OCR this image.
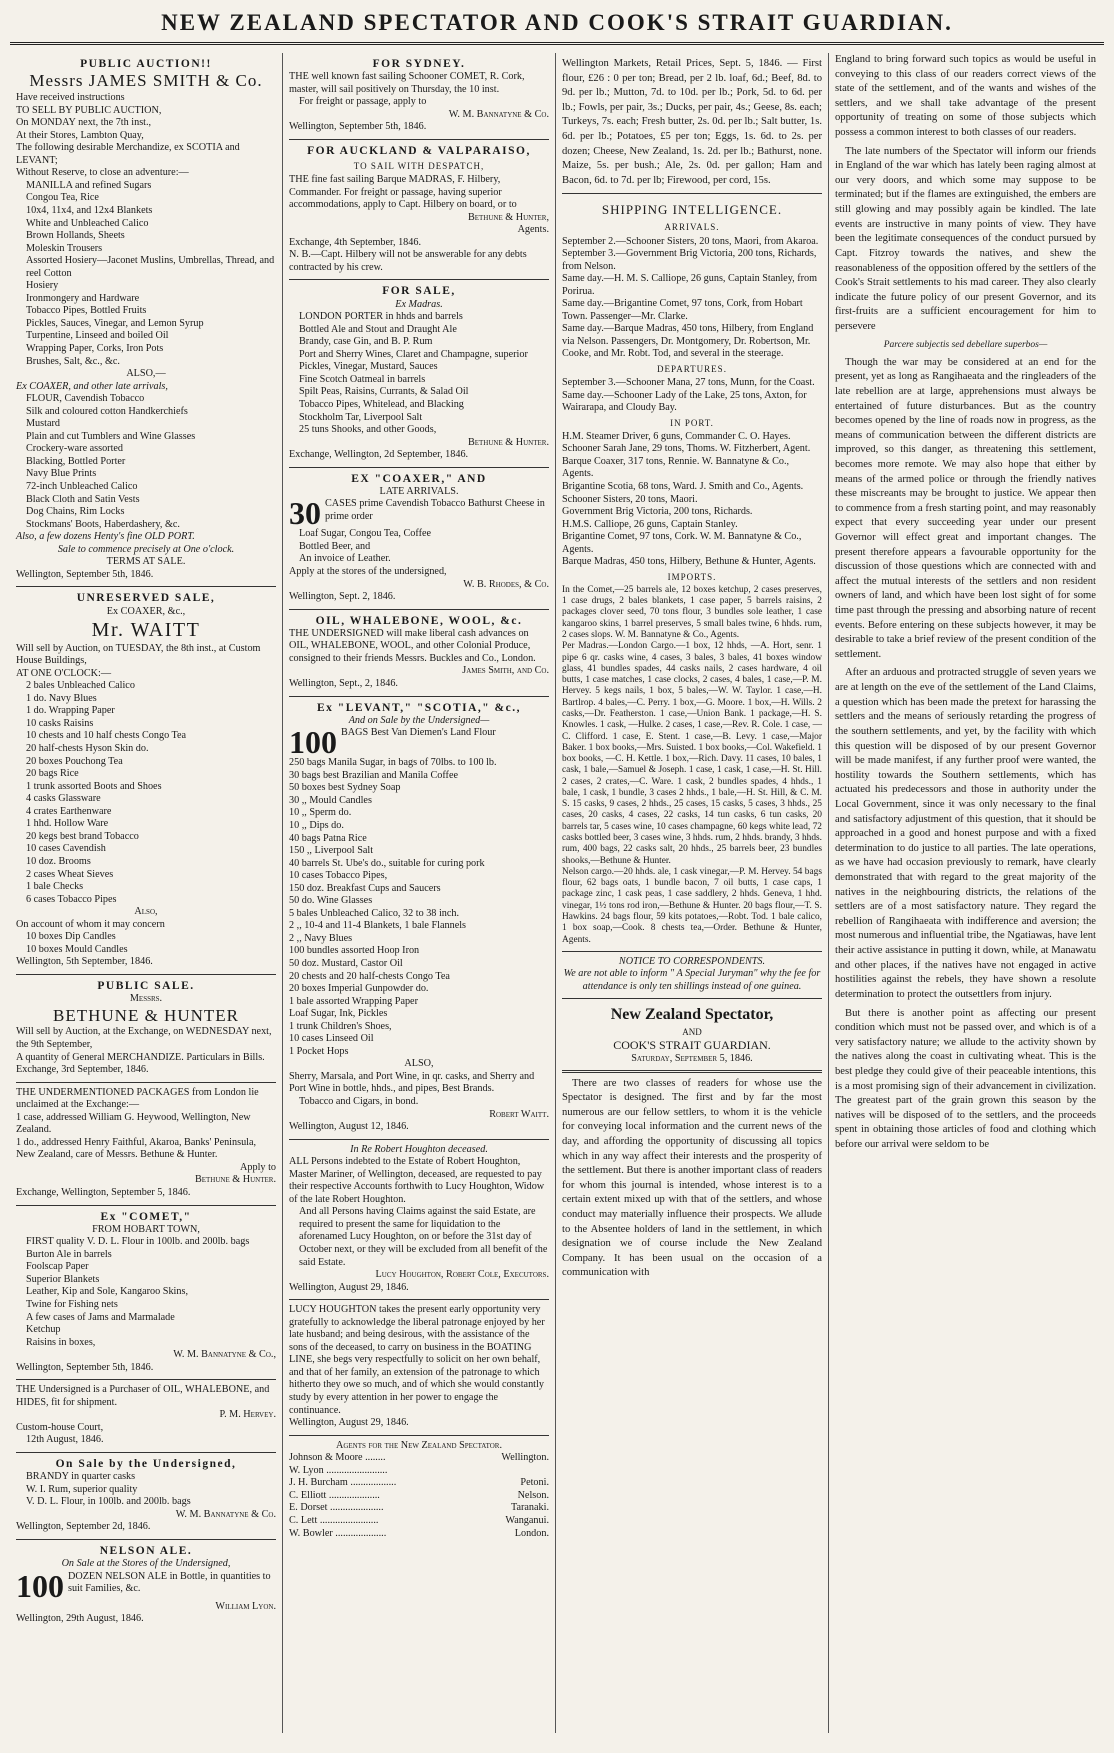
NEW ZEALAND SPECTATOR AND COOK'S STRAIT GUARDIAN.
PUBLIC AUCTION!!
Messrs JAMES SMITH & Co.
Have received instructions
TO SELL BY PUBLIC AUCTION,
On MONDAY next, the 7th inst.,
At their Stores, Lambton Quay,
The following desirable Merchandize, ex SCOTIA and LEVANT;
Without Reserve, to close an adventure:—
MANILLA and refined Sugars
Congou Tea, Rice
10x4, 11x4, and 12x4 Blankets
White and Unbleached Calico
Brown Hollands, Sheets
Moleskin Trousers
Assorted Hosiery—Jaconet Muslins, Umbrellas, Thread, and reel Cotton
Hosiery
Ironmongery and Hardware
Tobacco Pipes, Bottled Fruits
Pickles, Sauces, Vinegar, and Lemon Syrup
Turpentine, Linseed and boiled Oil
Wrapping Paper, Corks, Iron Pots
Brushes, Salt, &c., &c.
ALSO,—
Ex COAXER, and other late arrivals,
FLOUR, Cavendish Tobacco
Silk and coloured cotton Handkerchiefs
Mustard
Plain and cut Tumblers and Wine Glasses
Crockery-ware assorted
Blacking, Bottled Porter
Navy Blue Prints
72-inch Unbleached Calico
Black Cloth and Satin Vests
Dog Chains, Rim Locks
Stockmans' Boots, Haberdashery, &c.
Also, a few dozens Henty's fine OLD PORT.
Sale to commence precisely at One o'clock.
TERMS AT SALE.
Wellington, September 5th, 1846.
UNRESERVED SALE,
Ex COAXER, &c.,
Mr. WAITT
Will sell by Auction, on TUESDAY, the 8th inst., at Custom House Buildings,
AT ONE O'CLOCK:—
2 bales Unbleached Calico
1 do. Navy Blues
1 do. Wrapping Paper
10 casks Raisins
10 chests and 10 half chests Congo Tea
20 half-chests Hyson Skin do.
20 boxes Pouchong Tea
20 bags Rice
1 trunk assorted Boots and Shoes
4 casks Glassware
4 crates Earthenware
1 hhd. Hollow Ware
20 kegs best brand Tobacco
10 cases Cavendish
10 doz. Brooms
2 cases Wheat Sieves
1 bale Checks
6 cases Tobacco Pipes
Also,
On account of whom it may concern
10 boxes Dip Candles
10 boxes Mould Candles
Wellington, 5th September, 1846.
PUBLIC SALE.
Messrs.
BETHUNE & HUNTER
Will sell by Auction, at the Exchange, on WEDNESDAY next, the 9th September,
A quantity of General MERCHANDIZE. Particulars in Bills.
Exchange, 3rd September, 1846.
THE UNDERMENTIONED PACKAGES from London lie unclaimed at the Exchange:—
1 case, addressed William G. Heywood, Wellington, New Zealand.
1 do., addressed Henry Faithful, Akaroa, Banks' Peninsula, New Zealand, care of Messrs. Bethune & Hunter.
Apply to
Bethune & Hunter.
Exchange, Wellington, September 5, 1846.
Ex "COMET,"
FROM HOBART TOWN,
FIRST quality V. D. L. Flour in 100lb. and 200lb. bags
Burton Ale in barrels
Foolscap Paper
Superior Blankets
Leather, Kip and Sole, Kangaroo Skins,
Twine for Fishing nets
A few cases of Jams and Marmalade
Ketchup
Raisins in boxes,
W. M. Bannatyne & Co.,
Wellington, September 5th, 1846.
THE Undersigned is a Purchaser of OIL, WHALEBONE, and HIDES, fit for shipment.
P. M. Hervey.
Custom-house Court,
12th August, 1846.
On Sale by the Undersigned,
BRANDY in quarter casks
W. I. Rum, superior quality
V. D. L. Flour, in 100lb. and 200lb. bags
W. M. Bannatyne & Co.
Wellington, September 2d, 1846.
NELSON ALE.
On Sale at the Stores of the Undersigned,
100 DOZEN NELSON ALE in Bottle, in quantities to suit Families, &c.
William Lyon.
Wellington, 29th August, 1846.
FOR SYDNEY.
THE well known fast sailing Schooner COMET, R. Cork, master, will sail positively on Thursday, the 10 inst.
For freight or passage, apply to
W. M. Bannatyne & Co.
Wellington, September 5th, 1846.
FOR AUCKLAND & VALPARAISO,
TO SAIL WITH DESPATCH,
THE fine fast sailing Barque MADRAS, F. Hilbery, Commander. For freight or passage, having superior accommodations, apply to Capt. Hilbery on board, or to
Bethune & Hunter,
Agents.
Exchange, 4th September, 1846.
N. B.—Capt. Hilbery will not be answerable for any debts contracted by his crew.
FOR SALE,
Ex Madras.
LONDON PORTER in hhds and barrels
Bottled Ale and Stout and Draught Ale
Brandy, case Gin, and B. P. Rum
Port and Sherry Wines, Claret and Champagne, superior
Pickles, Vinegar, Mustard, Sauces
Fine Scotch Oatmeal in barrels
Spilt Peas, Raisins, Currants, & Salad Oil
Tobacco Pipes, Whitelead, and Blacking
Stockholm Tar, Liverpool Salt
25 tuns Shooks, and other Goods,
Bethune & Hunter.
Exchange, Wellington, 2d September, 1846.
EX "COAXER," AND
LATE ARRIVALS.
30 CASES prime Cavendish Tobacco Bathurst Cheese in prime order
Loaf Sugar, Congou Tea, Coffee
Bottled Beer, and
An invoice of Leather.
Apply at the stores of the undersigned,
W. B. Rhodes, & Co.
Wellington, Sept. 2, 1846.
OIL, WHALEBONE, WOOL, &c.
THE UNDERSIGNED will make liberal cash advances on OIL, WHALEBONE, WOOL, and other Colonial Produce, consigned to their friends Messrs. Buckles and Co., London.
James Smith, and Co.
Wellington, Sept., 2, 1846.
Ex "LEVANT," "SCOTIA," &c.,
And on Sale by the Undersigned—
100 BAGS Best Van Diemen's Land Flour
250 bags Manila Sugar, in bags of 70lbs. to 100 lb.
30 bags best Brazilian and Manila Coffee
50 boxes best Sydney Soap
30 ,, Mould Candles
10 ,, Sperm do.
10 ,, Dips do.
40 bags Patna Rice
150 ,, Liverpool Salt
40 barrels St. Ube's do., suitable for curing pork
10 cases Tobacco Pipes,
150 doz. Breakfast Cups and Saucers
50 do. Wine Glasses
5 bales Unbleached Calico, 32 to 38 inch.
2 ,, 10-4 and 11-4 Blankets, 1 bale Flannels
2 ,, Navy Blues
100 bundles assorted Hoop Iron
50 doz. Mustard, Castor Oil
20 chests and 20 half-chests Congo Tea
20 boxes Imperial Gunpowder do.
1 bale assorted Wrapping Paper
Loaf Sugar, Ink, Pickles
1 trunk Children's Shoes,
10 cases Linseed Oil
1 Pocket Hops
ALSO,
Sherry, Marsala, and Port Wine, in qr. casks, and Sherry and Port Wine in bottle, hhds., and pipes, Best Brands.
Tobacco and Cigars, in bond.
Robert Waitt.
Wellington, August 12, 1846.
In Re Robert Houghton deceased.
ALL Persons indebted to the Estate of Robert Houghton, Master Mariner, of Wellington, deceased, are requested to pay their respective Accounts forthwith to Lucy Houghton, Widow of the late Robert Houghton.
And all Persons having Claims against the said Estate, are required to present the same for liquidation to the aforenamed Lucy Houghton, on or before the 31st day of October next, or they will be excluded from all benefit of the said Estate.
Lucy Houghton, Robert Cole, Executors.
Wellington, August 29, 1846.
LUCY HOUGHTON takes the present early opportunity very gratefully to acknowledge the liberal patronage enjoyed by her late husband; and being desirous, with the assistance of the sons of the deceased, to carry on business in the BOATING LINE, she begs very respectfully to solicit on her own behalf, and that of her family, an extension of the patronage to which hitherto they owe so much, and of which she would constantly study by every attention in her power to engage the continuance.
Wellington, August 29, 1846.
Agents for the New Zealand Spectator.
Johnson & Moore ........	Wellington.
W. Lyon ........................
J. H. Burcham ..................	Petoni.
C. Elliott ....................	Nelson.
E. Dorset .....................	Taranaki.
C. Lett .......................	Wanganui.
W. Bowler ....................	London.
Wellington Markets, Retail Prices, Sept. 5, 1846. — First flour, £26 : 0 per ton; Bread, per 2 lb. loaf, 6d.; Beef, 8d. to 9d. per lb.; Mutton, 7d. to 10d. per lb.; Pork, 5d. to 6d. per lb.; Fowls, per pair, 3s.; Ducks, per pair, 4s.; Geese, 8s. each; Turkeys, 7s. each; Fresh butter, 2s. 0d. per lb.; Salt butter, 1s. 6d. per lb.; Potatoes, £5 per ton; Eggs, 1s. 6d. to 2s. per dozen; Cheese, New Zealand, 1s. 2d. per lb.; Bathurst, none. Maize, 5s. per bush.; Ale, 2s. 0d. per gallon; Ham and Bacon, 6d. to 7d. per lb; Firewood, per cord, 15s.
SHIPPING INTELLIGENCE.
ARRIVALS.
September 2.—Schooner Sisters, 20 tons, Maori, from Akaroa.
September 3.—Government Brig Victoria, 200 tons, Richards, from Nelson.
Same day.—H. M. S. Calliope, 26 guns, Captain Stanley, from Porirua.
Same day.—Brigantine Comet, 97 tons, Cork, from Hobart Town. Passenger—Mr. Clarke.
Same day.—Barque Madras, 450 tons, Hilbery, from England via Nelson. Passengers, Dr. Montgomery, Dr. Robertson, Mr. Cooke, and Mr. Robt. Tod, and several in the steerage.
DEPARTURES.
September 3.—Schooner Mana, 27 tons, Munn, for the Coast.
Same day.—Schooner Lady of the Lake, 25 tons, Axton, for Wairarapa, and Cloudy Bay.
IN PORT.
H.M. Steamer Driver, 6 guns, Commander C. O. Hayes.
Schooner Sarah Jane, 29 tons, Thoms. W. Fitzherbert, Agent.
Barque Coaxer, 317 tons, Rennie. W. Bannatyne & Co., Agents.
Brigantine Scotia, 68 tons, Ward. J. Smith and Co., Agents.
Schooner Sisters, 20 tons, Maori.
Government Brig Victoria, 200 tons, Richards.
H.M.S. Calliope, 26 guns, Captain Stanley.
Brigantine Comet, 97 tons, Cork. W. M. Bannatyne & Co., Agents.
Barque Madras, 450 tons, Hilbery, Bethune & Hunter, Agents.
IMPORTS.
In the Comet,—25 barrels ale, 12 boxes ketchup, 2 cases preserves, 1 case drugs, 2 bales blankets, 1 case paper, 5 barrels raisins, 2 packages clover seed, 70 tons flour, 3 bundles sole leather, 1 case kangaroo skins, 1 barrel preserves, 5 small bales twine, 6 hhds. rum, 2 cases slops. W. M. Bannatyne & Co., Agents.
Per Madras.—London Cargo.—1 box, 12 hhds, —A. Hort, senr. 1 pipe 6 qr. casks wine, 4 cases, 3 bales, 3 bales, 41 boxes window glass, 41 bundles spades, 44 casks nails, 2 cases hardware, 4 oil butts, 1 case matches, 1 case clocks, 2 cases, 4 bales, 1 case,—P. M. Hervey. 5 kegs nails, 1 box, 5 bales,—W. W. Taylor. 1 case,—H. Bartlrop. 4 bales,—C. Perry. 1 box,—G. Moore. 1 box,—H. Wills. 2 casks,—Dr. Featherston. 1 case,—Union Bank. 1 package,—H. S. Knowles. 1 cask, —Hulke. 2 cases, 1 case,—Rev. R. Cole. 1 case, —C. Clifford. 1 case, E. Stent. 1 case,—B. Levy. 1 case,—Major Baker. 1 box books,—Mrs. Suisted. 1 box books,—Col. Wakefield. 1 box books, —C. H. Kettle. 1 box,—Rich. Davy. 11 cases, 10 bales, 1 cask, 1 bale,—Samuel & Joseph. 1 case, 1 cask, 1 case,—H. St. Hill. 2 cases, 2 crates,—C. Ware. 1 cask, 2 bundles spades, 4 hhds., 1 bale, 1 cask, 1 bundle, 3 cases 2 hhds., 1 bale,—H. St. Hill, & C. M. S. 15 casks, 9 cases, 2 hhds., 25 cases, 15 casks, 5 cases, 3 hhds., 25 cases, 20 casks, 4 cases, 22 casks, 14 tun casks, 6 tun casks, 20 barrels tar, 5 cases wine, 10 cases champagne, 60 kegs white lead, 72 casks bottled beer, 3 cases wine, 3 hhds. rum, 2 hhds. brandy, 3 hhds. rum, 400 bags, 22 casks salt, 20 hhds., 25 barrels beer, 23 bundles shooks,—Bethune & Hunter.
Nelson cargo.—20 hhds. ale, 1 cask vinegar,—P. M. Hervey. 54 bags flour, 62 bags oats, 1 bundle bacon, 7 oil butts, 1 case caps, 1 package zinc, 1 cask peas, 1 case saddlery, 2 hhds. Geneva, 1 hhd. vinegar, 1½ tons rod iron,—Bethune & Hunter. 20 bags flour,—T. S. Hawkins. 24 bags flour, 59 kits potatoes,—Robt. Tod. 1 bale calico, 1 box soap,—Cook. 8 chests tea,—Order. Bethune & Hunter, Agents.
NOTICE TO CORRESPONDENTS.
We are not able to inform " A Special Juryman" why the fee for attendance is only ten shillings instead of one guinea.
New Zealand Spectator,
AND
COOK'S STRAIT GUARDIAN.
Saturday, September 5, 1846.

There are two classes of readers for whose use the Spectator is designed. The first and by far the most numerous are our fellow settlers, to whom it is the vehicle for conveying local information and the current news of the day, and affording the opportunity of discussing all topics which in any way affect their interests and the prosperity of the settlement. But there is another important class of readers for whom this journal is intended, whose interest is to a certain extent mixed up with that of the settlers, and whose conduct may materially influence their prospects. We allude to the Absentee holders of land in the settlement, in which designation we of course include the New Zealand Company. It has been usual on the occasion of a communication with

England to bring forward such topics as would be useful in conveying to this class of our readers correct views of the state of the settlement, and of the wants and wishes of the settlers, and we shall take advantage of the present opportunity of treating on some of those subjects which possess a common interest to both classes of our readers.

The late numbers of the Spectator will inform our friends in England of the war which has lately been raging almost at our very doors, and which some may suppose to be terminated; but if the flames are extinguished, the embers are still glowing and may possibly again be kindled. The late events are instructive in many points of view. They have been the legitimate consequences of the conduct pursued by Capt. Fitzroy towards the natives, and shew the reasonableness of the opposition offered by the settlers of the Cook's Strait settlements to his mad career. They also clearly indicate the future policy of our present Governor, and its first-fruits are a sufficient encouragement for him to persevere

Parcere subjectis sed debellare superbos—

Though the war may be considered at an end for the present, yet as long as Rangihaeata and the ringleaders of the late rebellion are at large, apprehensions must always be entertained of future disturbances. But as the country becomes opened by the line of roads now in progress, as the means of communication between the different districts are improved, so this danger, as threatening this settlement, becomes more remote. We may also hope that either by means of the armed police or through the friendly natives these miscreants may be brought to justice. We appear then to commence from a fresh starting point, and may reasonably expect that every succeeding year under our present Governor will effect great and important changes. The present therefore appears a favourable opportunity for the discussion of those questions which are connected with and affect the mutual interests of the settlers and non resident owners of land, and which have been lost sight of for some time past through the pressing and absorbing nature of recent events. Before entering on these subjects however, it may be desirable to take a brief review of the present condition of the settlement.

After an arduous and protracted struggle of seven years we are at length on the eve of the settlement of the Land Claims, a question which has been made the pretext for harassing the settlers and the means of seriously retarding the progress of the southern settlements, and yet, by the facility with which this question will be disposed of by our present Governor will be made manifest, if any further proof were wanted, the hostility towards the Southern settlements, which has actuated his predecessors and those in authority under the Local Government, since it was only necessary to the final and satisfactory adjustment of this question, that it should be approached in a good and honest purpose and with a fixed determination to do justice to all parties. The late operations, as we have had occasion previously to remark, have clearly demonstrated that with regard to the great majority of the natives in the neighbouring districts, the relations of the settlers are of a most satisfactory nature. They regard the rebellion of Rangihaeata with indifference and aversion; the most numerous and influential tribe, the Ngatiawas, have lent their active assistance in putting it down, while, at Manawatu and other places, if the natives have not engaged in active hostilities against the rebels, they have shown a resolute determination to protect the outsettlers from injury.

But there is another point as affecting our present condition which must not be passed over, and which is of a very satisfactory nature; we allude to the activity shown by the natives along the coast in cultivating wheat. This is the best pledge they could give of their peaceable intentions, this is a most promising sign of their advancement in civilization. The greatest part of the grain grown this season by the natives will be disposed of to the settlers, and the proceeds spent in obtaining those articles of food and clothing which before our arrival were seldom to be
